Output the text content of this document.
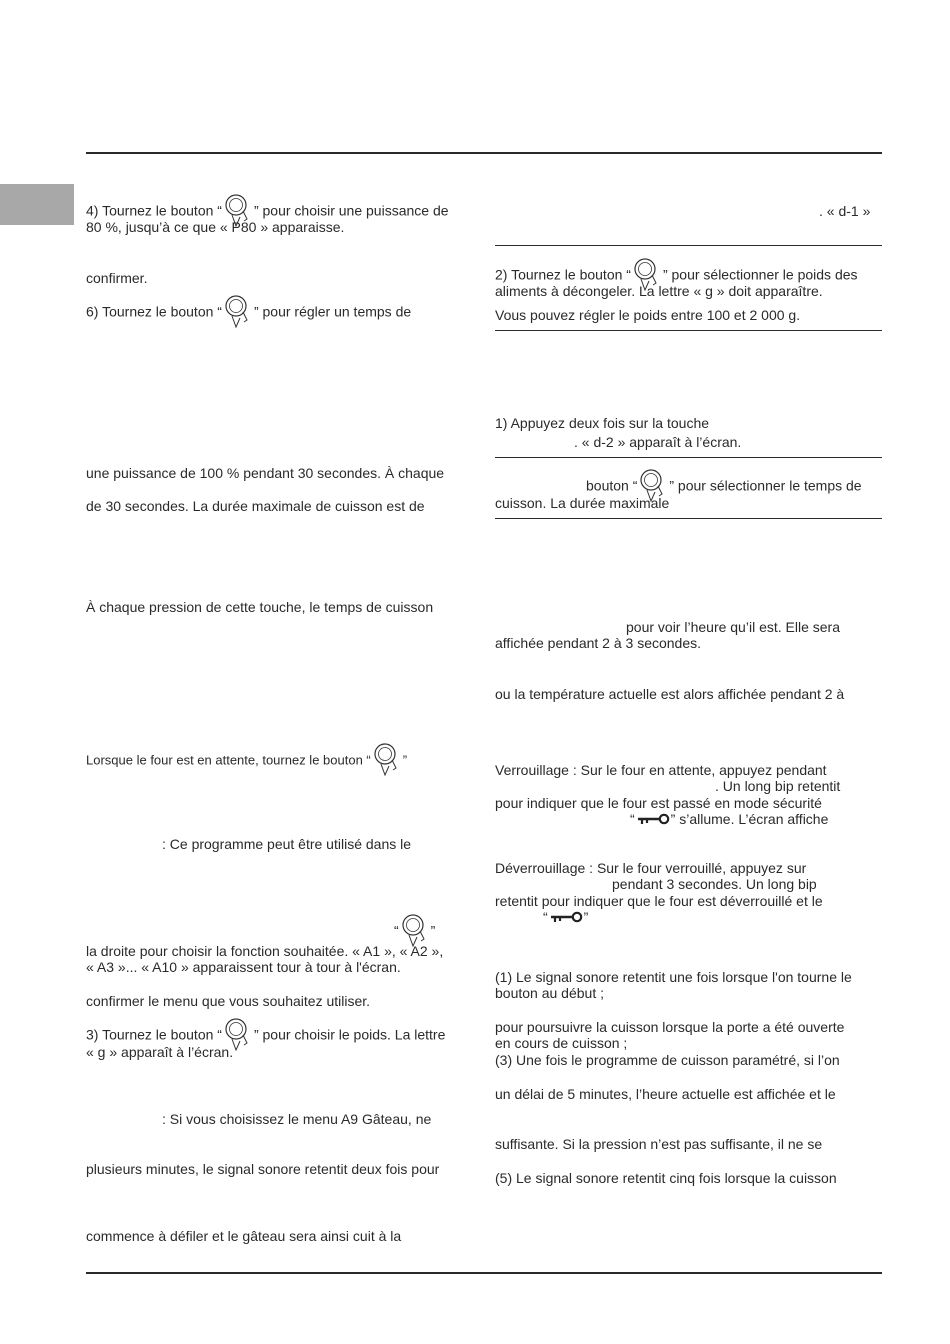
4) Tournez le bouton “ ” pour choisir une puissance de
80 %, jusqu’à ce que « P80 » apparaisse.
confirmer.
6) Tournez le bouton “ ” pour régler un temps de
une puissance de 100 % pendant 30 secondes. À chaque
de 30 secondes. La durée maximale de cuisson est de
À chaque pression de cette touche, le temps de cuisson
Lorsque le four est en attente, tournez le bouton “ ”
: Ce programme peut être utilisé dans le
“ ”
la droite pour choisir la fonction souhaitée. « A1 », « A2 »,
« A3 »... « A10 » apparaissent tour à tour à l'écran.
confirmer le menu que vous souhaitez utiliser.
3) Tournez le bouton “ ” pour choisir le poids. La lettre
« g » apparaît à l’écran.
: Si vous choisissez le menu A9 Gâteau, ne
plusieurs minutes, le signal sonore retentit deux fois pour
commence à défiler et le gâteau sera ainsi cuit à la
. « d-1 »
2) Tournez le bouton “ ” pour sélectionner le poids des
aliments à décongeler. La lettre « g » doit apparaître.
Vous pouvez régler le poids entre 100 et 2 000 g.
1) Appuyez deux fois sur la touche
. « d-2 » apparaît à l’écran.
bouton “ ” pour sélectionner le temps de
cuisson. La durée maximale
pour voir l’heure qu’il est. Elle sera
affichée pendant 2 à 3 secondes.
ou la température actuelle est alors affichée pendant 2 à
Verrouillage : Sur le four en attente, appuyez pendant
. Un long bip retentit
pour indiquer que le four est passé en mode sécurité
“	” s’allume. L’écran affiche
Déverrouillage : Sur le four verrouillé, appuyez sur
pendant 3 secondes. Un long bip
retentit pour indiquer que le four est déverrouillé et le
“	”
(1) Le signal sonore retentit une fois lorsque l'on tourne le
bouton au début ;
pour poursuivre la cuisson lorsque la porte a été ouverte
en cours de cuisson ;
(3) Une fois le programme de cuisson paramétré, si l’on
un délai de 5 minutes, l’heure actuelle est affichée et le
suffisante. Si la pression n’est pas suffisante, il ne se
(5) Le signal sonore retentit cinq fois lorsque la cuisson
